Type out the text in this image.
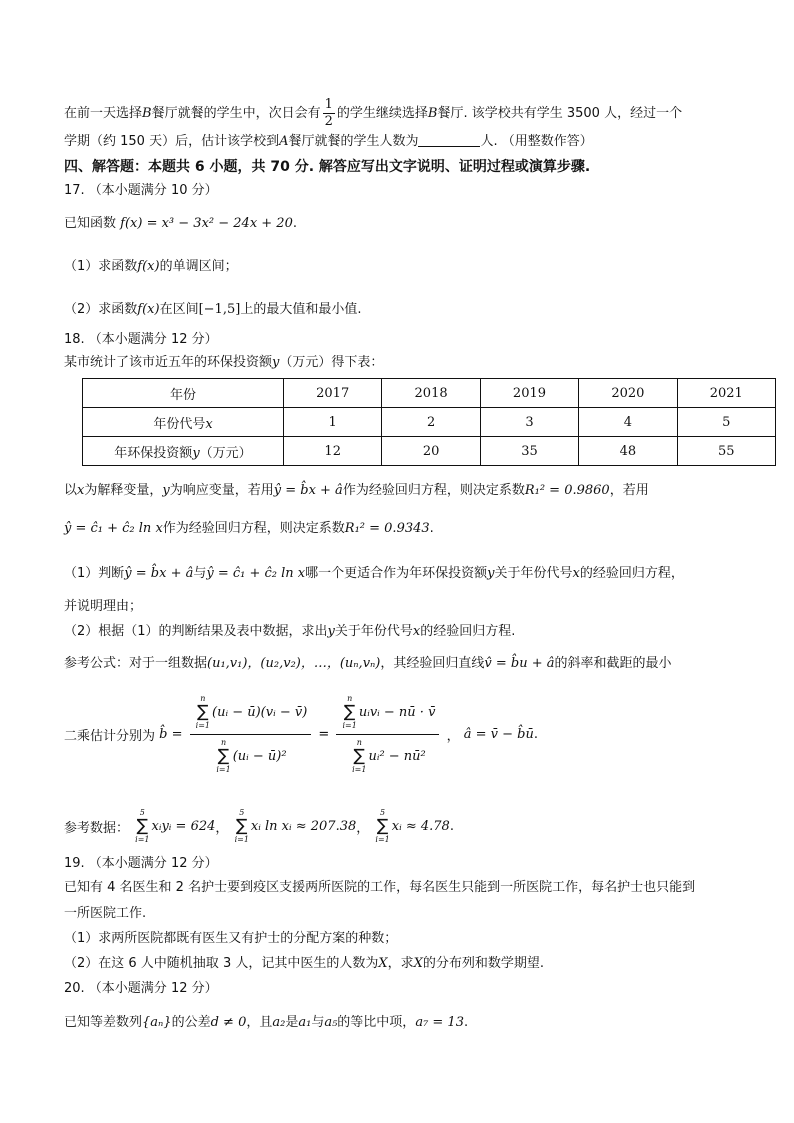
在前一天选择B餐厅就餐的学生中，次日会有 $\frac{1}{2}$ 的学生继续选择B餐厅. 该学校共有学生 3500 人，经过一个
学期（约 150 天）后，估计该学校到A餐厅就餐的学生人数为	人. （用整数作答）
四、解答题：本题共 6 小题，共 70 分. 解答应写出文字说明、证明过程或演算步骤.
17. （本小题满分 10 分）
已知函数 f(x) = x³ − 3x² − 24x + 20.
（1）求函数f(x)的单调区间；
（2）求函数f(x)在区间[−1,5]上的最大值和最小值.
18. （本小题满分 12 分）
某市统计了该市近五年的环保投资额y（万元）得下表：
年份	2017	2018	2019	2020	2021
年份代号x	1	2	3	4	5
年环保投资额y（万元）	12	20	35	48	55
以x为解释变量，y为响应变量，若用ŷ = b̂x + â作为经验回归方程，则决定系数R₁² = 0.9860，若用
ŷ = ĉ₁ + ĉ₂ ln x作为经验回归方程，则决定系数R₁² = 0.9343.
（1）判断ŷ = b̂x + â与ŷ = ĉ₁ + ĉ₂ ln x哪一个更适合作为年环保投资额y关于年份代号x的经验回归方程，
并说明理由；
（2）根据（1）的判断结果及表中数据，求出y关于年份代号x的经验回归方程.
参考公式：对于一组数据(u₁,v₁)，(u₂,v₂)，…，(uₙ,vₙ)，其经验回归直线v̂ = b̂u + â的斜率和截距的最小
二乘估计分别为 b̂ = n
∑
i=1
(uᵢ − ū)(vᵢ − v̄)
n
∑
i=1
(uᵢ − ū)² = n
∑
i=1
uᵢvᵢ − nū · v̄
n
∑
i=1
uᵢ² − nū² ， â = v̄ − b̂ū.
参考数据：
5
∑
i=1
xᵢyᵢ = 624，
5
∑
i=1
xᵢ ln xᵢ ≈ 207.38，
5
∑
i=1
xᵢ ≈ 4.78.
19. （本小题满分 12 分）
已知有 4 名医生和 2 名护士要到疫区支援两所医院的工作，每名医生只能到一所医院工作，每名护士也只能到
一所医院工作.
（1）求两所医院都既有医生又有护士的分配方案的种数；
（2）在这 6 人中随机抽取 3 人，记其中医生的人数为X，求X的分布列和数学期望.
20. （本小题满分 12 分）
已知等差数列{aₙ}的公差d ≠ 0，且a₂是a₁与a₅的等比中项，a₇ = 13.
